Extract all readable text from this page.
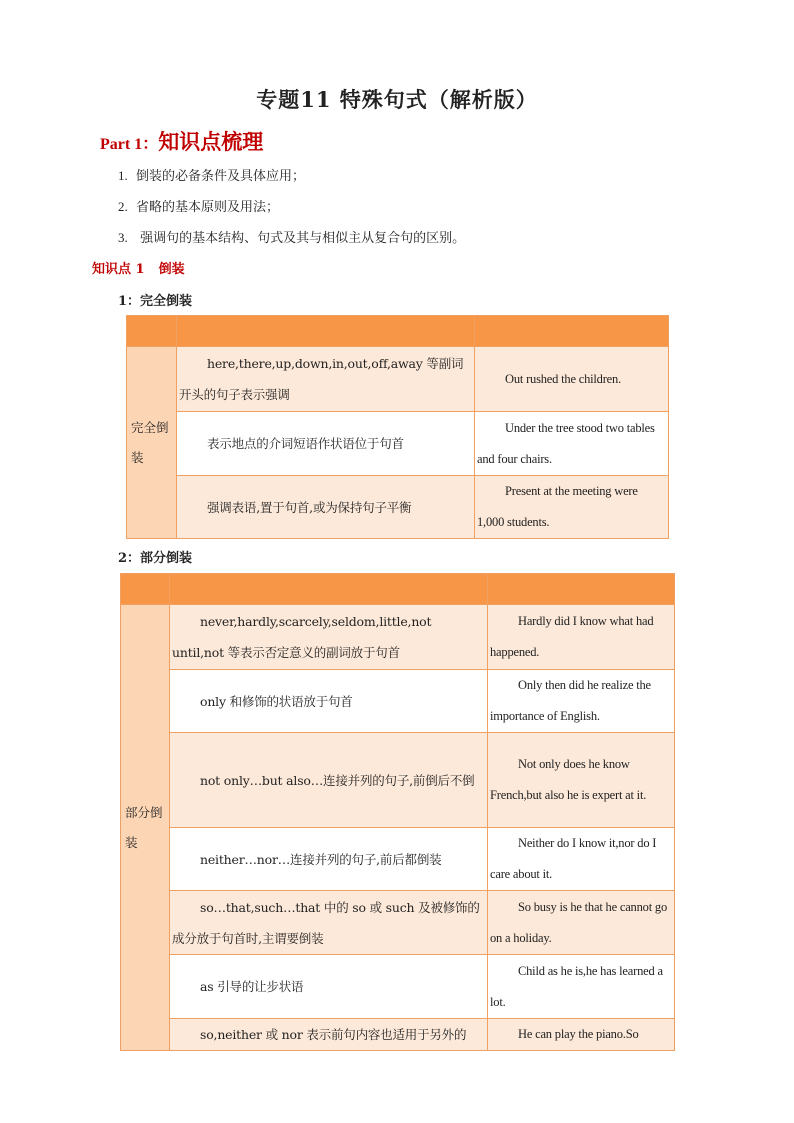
专题11 特殊句式（解析版）
Part 1：知识点梳理
1. 倒装的必备条件及具体应用；
2. 省略的基本原则及用法；
3. 强调句的基本结构、句式及其与相似主从复合句的区别。
知识点 1 倒装
1：完全倒装

完全倒装	here,there,up,down,in,out,off,away 等副词开头的句子表示强调	Out rushed the children.
	表示地点的介词短语作状语位于句首	Under the tree stood two tables and four chairs.
	强调表语,置于句首,或为保持句子平衡	Present at the meeting were 1,000 students.
2：部分倒装

部分倒装	never,hardly,scarcely,seldom,little,not until,not 等表示否定意义的副词放于句首	Hardly did I know what had happened.
	only 和修饰的状语放于句首	Only then did he realize the importance of English.
	not only…but also…连接并列的句子,前倒后不倒	Not only does he know French,but also he is expert at it.
	neither…nor…连接并列的句子,前后都倒装	Neither do I know it,nor do I care about it.
	so…that,such…that 中的 so 或 such 及被修饰的成分放于句首时,主谓要倒装	So busy is he that he cannot go on a holiday.
	as 引导的让步状语	Child as he is,he has learned a lot.
	so,neither 或 nor 表示前句内容也适用于另外的	He can play the piano.So
